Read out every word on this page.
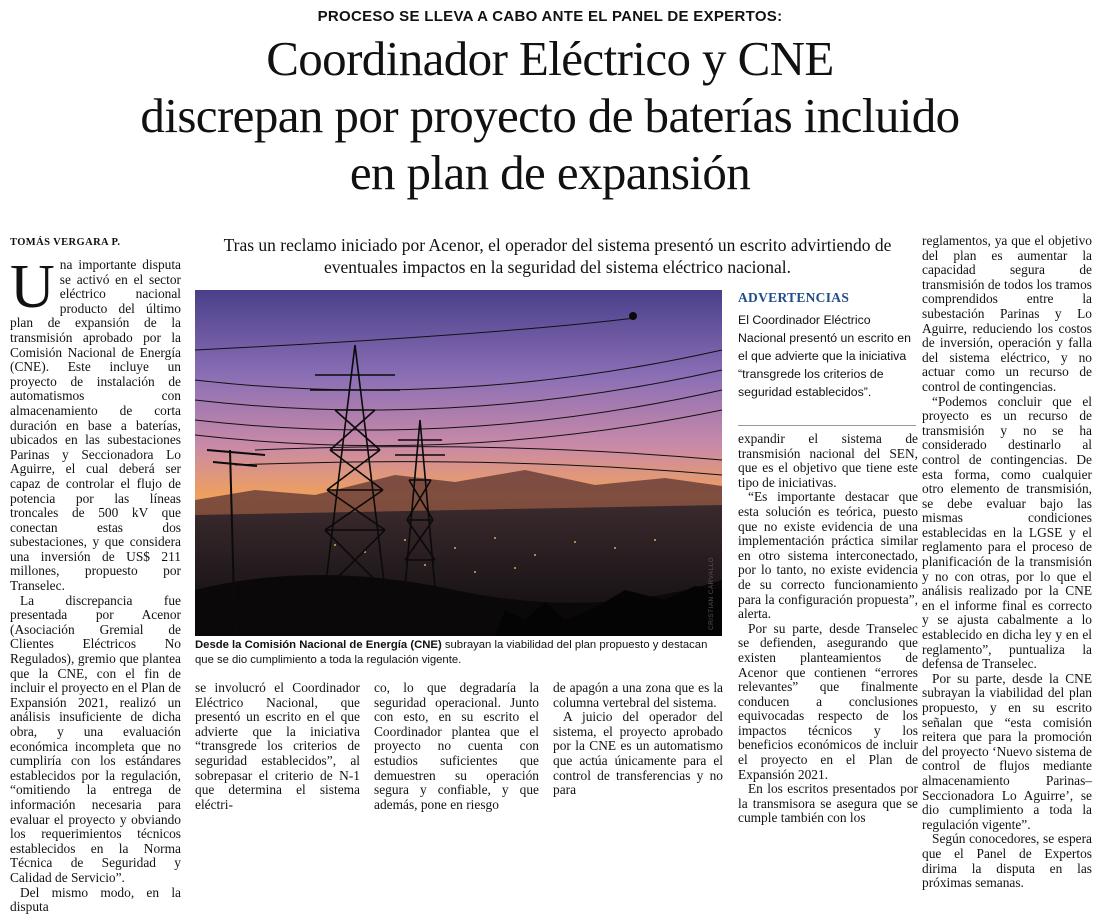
PROCESO SE LLEVA A CABO ANTE EL PANEL DE EXPERTOS:
Coordinador Eléctrico y CNE
discrepan por proyecto de baterías incluido
en plan de expansión
TOMÁS VERGARA P.	Tras un reclamo iniciado por Acenor, el operador del sistema presentó un escrito advirtiendo de eventuales impactos en la seguridad del sistema eléctrico nacional.

Una importante disputa se activó en el sector eléctrico nacional producto del último plan de expansión de la transmisión aprobado por la Comisión Nacional de Energía (CNE). Este incluye un proyecto de instalación de automatismos con almacenamiento de corta duración en base a baterías, ubicados en las subestaciones Parinas y Seccionadora Lo Aguirre, el cual deberá ser capaz de controlar el flujo de potencia por las líneas troncales de 500 kV que conectan estas dos subestaciones, y que considera una inversión de US$ 211 millones, propuesto por Transelec.

La discrepancia fue presentada por Acenor (Asociación Gremial de Clientes Eléctricos No Regulados), gremio que plantea que la CNE, con el fin de incluir el proyecto en el Plan de Expansión 2021, realizó un análisis insuficiente de dicha obra, y una evaluación económica incompleta que no cumpliría con los estándares establecidos por la regulación, “omitiendo la entrega de información necesaria para evaluar el proyecto y obviando los requerimientos técnicos establecidos en la Norma Técnica de Seguridad y Calidad de Servicio”.

Del mismo modo, en la disputa

CRISTIAN CARVALLO
Desde la Comisión Nacional de Energía (CNE) subrayan la viabilidad del plan propuesto y destacan que se dio cumplimiento a toda la regulación vigente.

se involucró el Coordinador Eléctrico Nacional, que presentó un escrito en el que advierte que la iniciativa “transgrede los criterios de seguridad establecidos”, al sobrepasar el criterio de N-1 que determina el sistema eléctri-

co, lo que degradaría la seguridad operacional. Junto con esto, en su escrito el Coordinador plantea que el proyecto no cuenta con estudios suficientes que demuestren su operación segura y confiable, y que además, pone en riesgo

de apagón a una zona que es la columna vertebral del sistema.

A juicio del operador del sistema, el proyecto aprobado por la CNE es un automatismo que actúa únicamente para el control de transferencias y no para

ADVERTENCIAS
El Coordinador Eléctrico Nacional presentó un escrito en el que advierte que la iniciativa “transgrede los criterios de seguridad establecidos”.

expandir el sistema de transmisión nacional del SEN, que es el objetivo que tiene este tipo de iniciativas.

“Es importante destacar que esta solución es teórica, puesto que no existe evidencia de una implementación práctica similar en otro sistema interconectado, por lo tanto, no existe evidencia de su correcto funcionamiento para la configuración propuesta”, alerta.

Por su parte, desde Transelec se defienden, asegurando que existen planteamientos de Acenor que contienen “errores relevantes” que finalmente conducen a conclusiones equivocadas respecto de los impactos técnicos y los beneficios económicos de incluir el proyecto en el Plan de Expansión 2021.

En los escritos presentados por la transmisora se asegura que se cumple también con los

reglamentos, ya que el objetivo del plan es aumentar la capacidad segura de transmisión de todos los tramos comprendidos entre la subestación Parinas y Lo Aguirre, reduciendo los costos de inversión, operación y falla del sistema eléctrico, y no actuar como un recurso de control de contingencias.

“Podemos concluir que el proyecto es un recurso de transmisión y no se ha considerado destinarlo al control de contingencias. De esta forma, como cualquier otro elemento de transmisión, se debe evaluar bajo las mismas condiciones establecidas en la LGSE y el reglamento para el proceso de planificación de la transmisión y no con otras, por lo que el análisis realizado por la CNE en el informe final es correcto y se ajusta cabalmente a lo establecido en dicha ley y en el reglamento”, puntualiza la defensa de Transelec.

Por su parte, desde la CNE subrayan la viabilidad del plan propuesto, y en su escrito señalan que “esta comisión reitera que para la promoción del proyecto ‘Nuevo sistema de control de flujos mediante almacenamiento Parinas–Seccionadora Lo Aguirre’, se dio cumplimiento a toda la regulación vigente”.

Según conocedores, se espera que el Panel de Expertos dirima la disputa en las próximas semanas.
